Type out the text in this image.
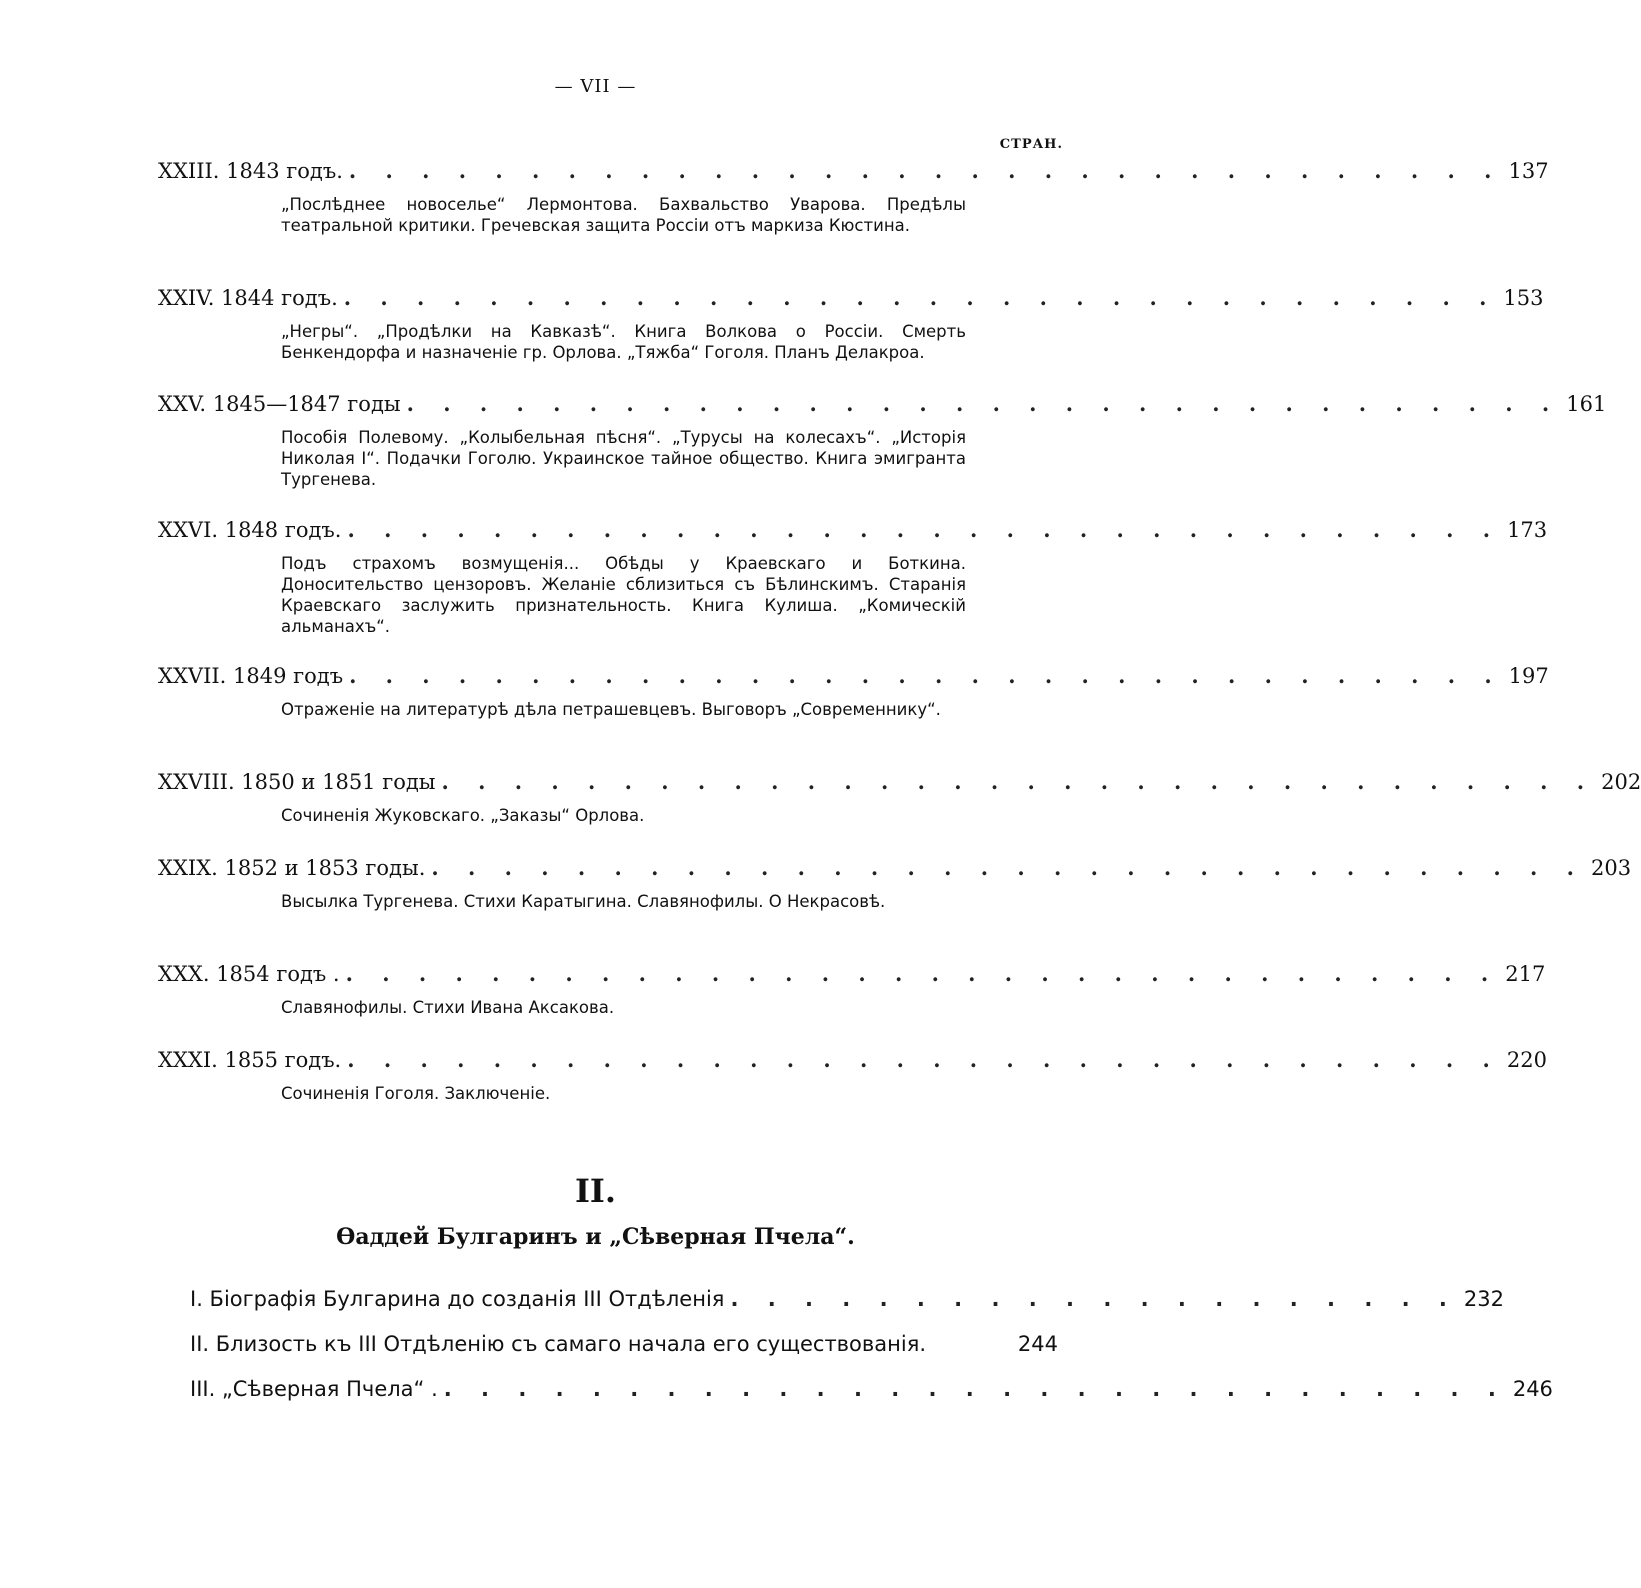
— VII —
СТРАН.
XXIII. 1843 годъ. . . . . . . . . . . . . . . . . . . . . . . . . . . . . . . . . 137
„Послѣднее новоселье“ Лермонтова. Бахвальство Уварова. Предѣлы театральной критики. Гречевская защита Россіи отъ маркиза Кюстина.
XXIV. 1844 годъ. . . . . . . . . . . . . . . . . . . . . . . . . . . . . . . . . 153
„Негры“. „Продѣлки на Кавказѣ“. Книга Волкова о Россіи. Смерть Бенкендорфа и назначеніе гр. Орлова. „Тяжба“ Гоголя. Планъ Делакроа.
XXV. 1845—1847 годы . . . . . . . . . . . . . . . . . . . . . . . . . . . . . . . . 161
Пособія Полевому. „Колыбельная пѣсня“. „Турусы на колесахъ“. „Исторія Николая I“. Подачки Гоголю. Украинское тайное общество. Книга эмигранта Тургенева.
XXVI. 1848 годъ. . . . . . . . . . . . . . . . . . . . . . . . . . . . . . . . . 173
Подъ страхомъ возмущенія... Обѣды у Краевскаго и Боткина. Доносительство цензоровъ. Желаніе сблизиться съ Бѣлинскимъ. Старанія Краевскаго заслужить признательность. Книга Кулиша. „Комическій альманахъ“.
XXVII. 1849 годъ . . . . . . . . . . . . . . . . . . . . . . . . . . . . . . . . 197
Отраженіе на литературѣ дѣла петрашевцевъ. Выговоръ „Современнику“.
XXVIII. 1850 и 1851 годы . . . . . . . . . . . . . . . . . . . . . . . . . . . . . . . . 202
Сочиненія Жуковскаго. „Заказы“ Орлова.
XXIX. 1852 и 1853 годы. . . . . . . . . . . . . . . . . . . . . . . . . . . . . . . . . 203
Высылка Тургенева. Стихи Каратыгина. Славянофилы. О Некрасовѣ.
XXX. 1854 годъ . . . . . . . . . . . . . . . . . . . . . . . . . . . . . . . . . 217
Славянофилы. Стихи Ивана Аксакова.
XXXI. 1855 годъ. . . . . . . . . . . . . . . . . . . . . . . . . . . . . . . . . 220
Сочиненія Гоголя. Заключеніе.
II.
Ѳаддей Булгаринъ и „Сѣверная Пчела“.
I. Біографія Булгарина до созданія III Отдѣленія . . . . . . . . . . . . . . . . . . . . 232
II. Близость къ III Отдѣленію съ самаго начала его существованія.	244
III. „Сѣверная Пчела“ . . . . . . . . . . . . . . . . . . . . . . . . . . . . . . 246
